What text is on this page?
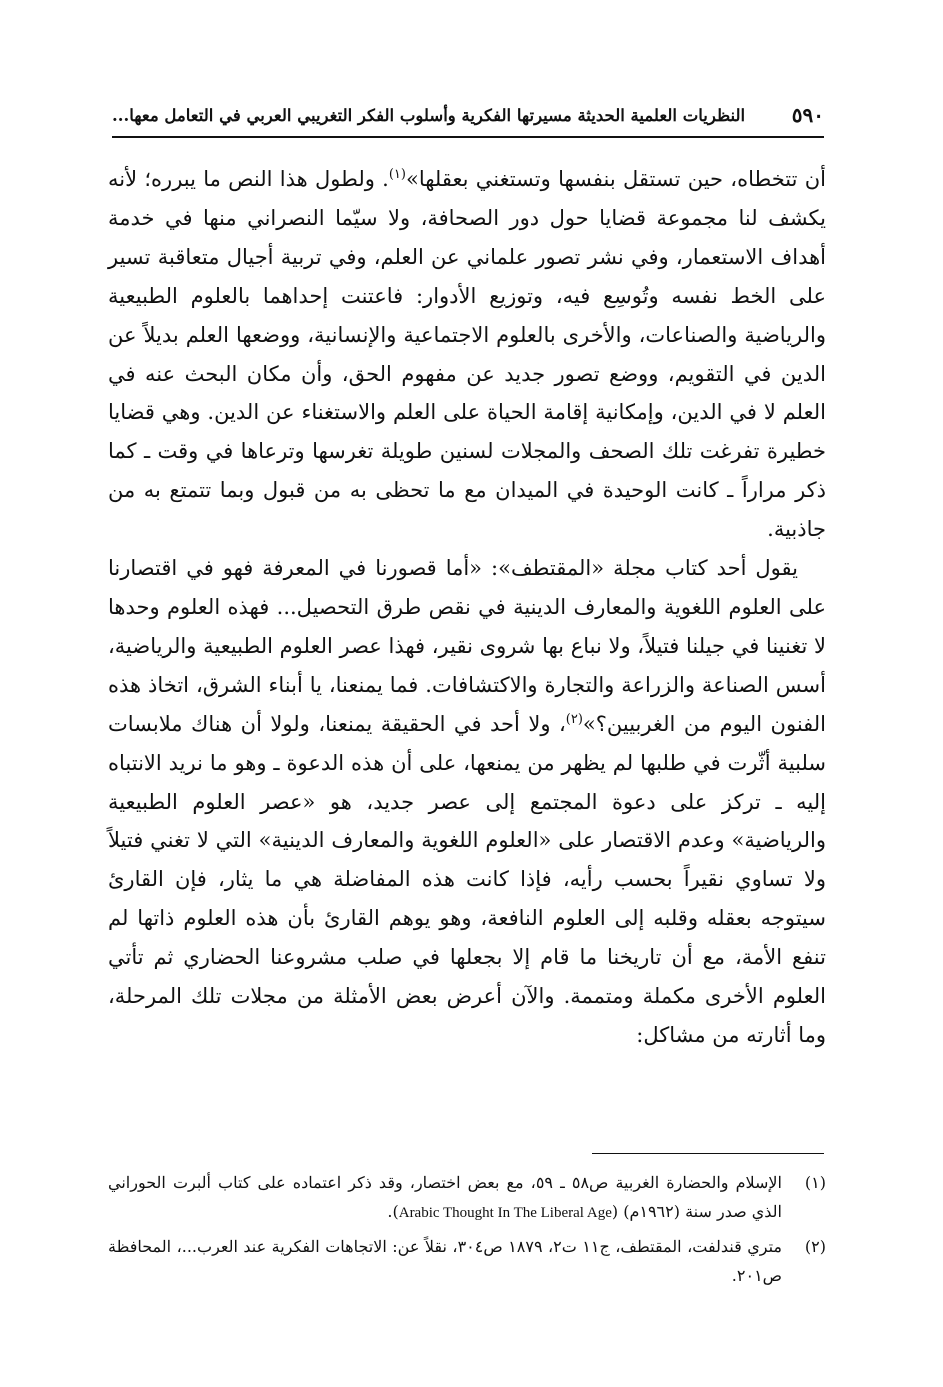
٥٩٠
النظريات العلمية الحديثة مسيرتها الفكرية وأسلوب الفكر التغريبي العربي في التعامل معها...

أن تتخطاه، حين تستقل بنفسها وتستغني بعقلها»$^{(١)}$. ولطول هذا النص ما يبرره؛ لأنه يكشف لنا مجموعة قضايا حول دور الصحافة، ولا سيّما النصراني منها في خدمة أهداف الاستعمار، وفي نشر تصور علماني عن العلم، وفي تربية أجيال متعاقبة تسير على الخط نفسه وتُوسِع فيه، وتوزيع الأدوار: فاعتنت إحداهما بالعلوم الطبيعية والرياضية والصناعات، والأخرى بالعلوم الاجتماعية والإنسانية، ووضعها العلم بديلاً عن الدين في التقويم، ووضع تصور جديد عن مفهوم الحق، وأن مكان البحث عنه في العلم لا في الدين، وإمكانية إقامة الحياة على العلم والاستغناء عن الدين. وهي قضايا خطيرة تفرغت تلك الصحف والمجلات لسنين طويلة تغرسها وترعاها في وقت ـ كما ذكر مراراً ـ كانت الوحيدة في الميدان مع ما تحظى به من قبول وبما تتمتع به من جاذبية.

يقول أحد كتاب مجلة «المقتطف»: «أما قصورنا في المعرفة فهو في اقتصارنا على العلوم اللغوية والمعارف الدينية في نقص طرق التحصيل... فهذه العلوم وحدها لا تغنينا في جيلنا فتيلاً، ولا نباع بها شروى نقير، فهذا عصر العلوم الطبيعية والرياضية، أسس الصناعة والزراعة والتجارة والاكتشافات. فما يمنعنا، يا أبناء الشرق، اتخاذ هذه الفنون اليوم من الغربيين؟»$^{(٢)}$، ولا أحد في الحقيقة يمنعنا، ولولا أن هناك ملابسات سلبية أثّرت في طلبها لم يظهر من يمنعها، على أن هذه الدعوة ـ وهو ما نريد الانتباه إليه ـ تركز على دعوة المجتمع إلى عصر جديد، هو «عصر العلوم الطبيعية والرياضية» وعدم الاقتصار على «العلوم اللغوية والمعارف الدينية» التي لا تغني فتيلاً ولا تساوي نقيراً بحسب رأيه، فإذا كانت هذه المفاضلة هي ما يثار، فإن القارئ سيتوجه بعقله وقلبه إلى العلوم النافعة، وهو يوهم القارئ بأن هذه العلوم ذاتها لم تنفع الأمة، مع أن تاريخنا ما قام إلا بجعلها في صلب مشروعنا الحضاري ثم تأتي العلوم الأخرى مكملة ومتممة. والآن أعرض بعض الأمثلة من مجلات تلك المرحلة، وما أثارته من مشاكل:

(١)
الإسلام والحضارة الغربية ص٥٨ ـ ٥٩، مع بعض اختصار، وقد ذكر اعتماده على كتاب ألبرت الحوراني الذي صدر سنة (١٩٦٢م) (Arabic Thought In The Liberal Age).
(٢)
متري قندلفت، المقتطف، ج١١ ت٢، ١٨٧٩ ص٣٠٤، نقلاً عن: الاتجاهات الفكرية عند العرب...، المحافظة ص٢٠١.
